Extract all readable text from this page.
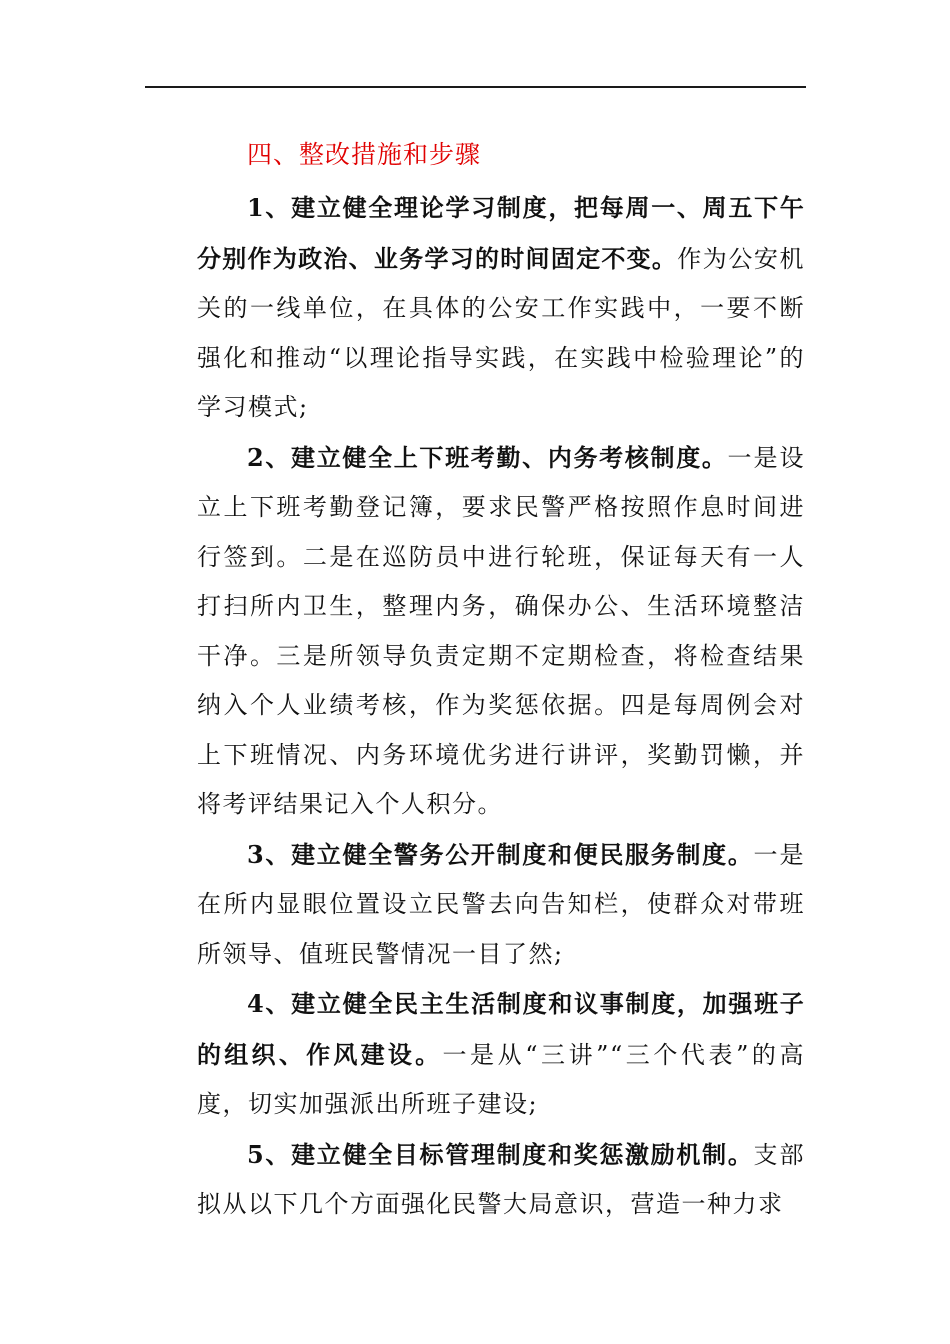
四、整改措施和步骤

1、建立健全理论学习制度，把每周一、周五下午分别作为政治、业务学习的时间固定不变。作为公安机关的一线单位，在具体的公安工作实践中，一要不断强化和推动“以理论指导实践，在实践中检验理论”的学习模式;

2、建立健全上下班考勤、内务考核制度。一是设立上下班考勤登记簿，要求民警严格按照作息时间进行签到。二是在巡防员中进行轮班，保证每天有一人打扫所内卫生，整理内务，确保办公、生活环境整洁干净。三是所领导负责定期不定期检查，将检查结果纳入个人业绩考核，作为奖惩依据。四是每周例会对上下班情况、内务环境优劣进行讲评，奖勤罚懒，并将考评结果记入个人积分。

3、建立健全警务公开制度和便民服务制度。一是在所内显眼位置设立民警去向告知栏，使群众对带班所领导、值班民警情况一目了然;

4、建立健全民主生活制度和议事制度，加强班子的组织、作风建设。一是从“三讲”“三个代表”的高度，切实加强派出所班子建设;

5、建立健全目标管理制度和奖惩激励机制。支部拟从以下几个方面强化民警大局意识，营造一种力求
